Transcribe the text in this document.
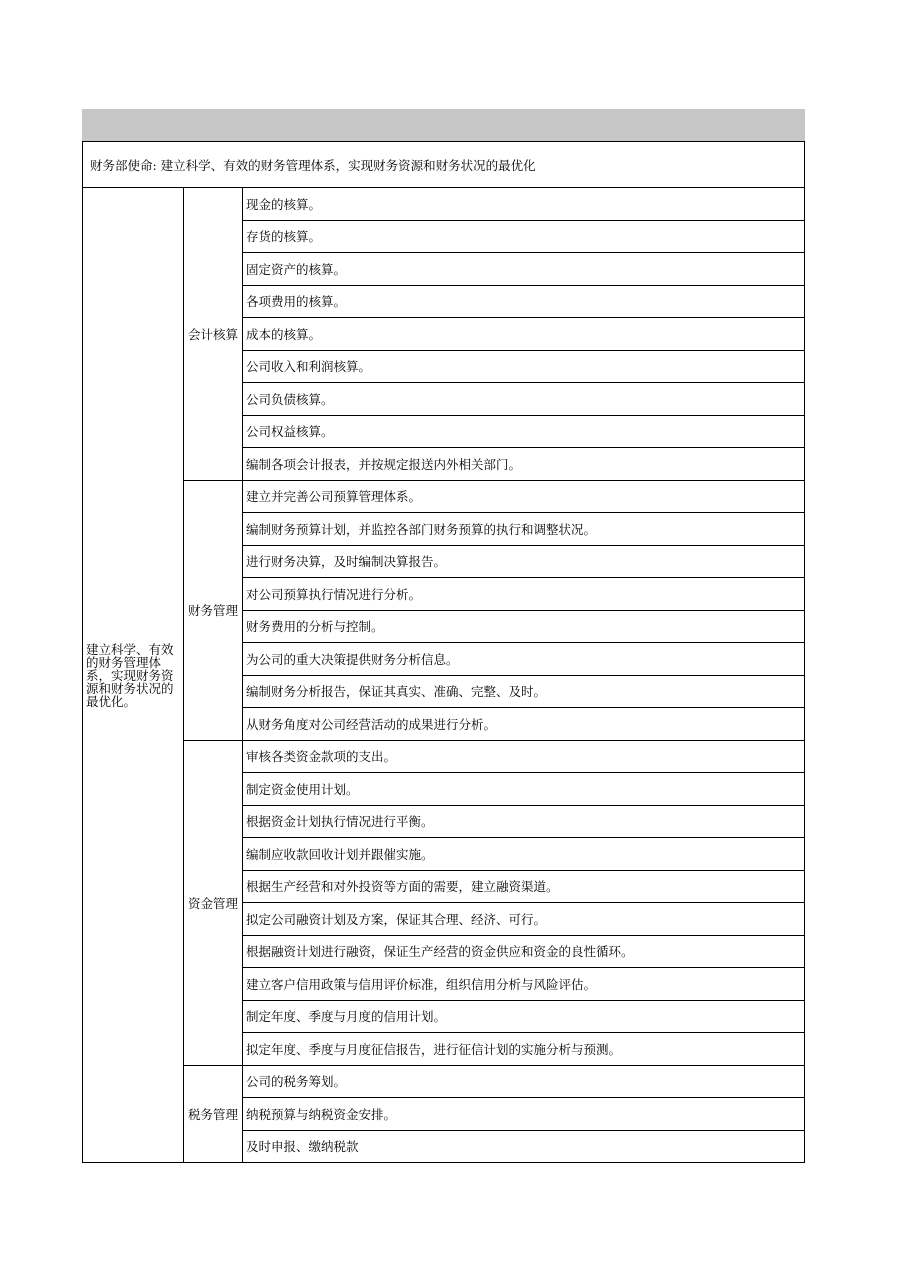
财务部使命: 建立科学、有效的财务管理体系，实现财务资源和财务状况的最优化
建立科学、有效的财务管理体系，实现财务资源和财务状况的最优化。	会计核算	现金的核算。
		存货的核算。
		固定资产的核算。
		各项费用的核算。
		成本的核算。
		公司收入和利润核算。
		公司负债核算。
		公司权益核算。
		编制各项会计报表，并按规定报送内外相关部门。
	财务管理	建立并完善公司预算管理体系。
		编制财务预算计划，并监控各部门财务预算的执行和调整状况。
		进行财务决算，及时编制决算报告。
		对公司预算执行情况进行分析。
		财务费用的分析与控制。
		为公司的重大决策提供财务分析信息。
		编制财务分析报告，保证其真实、准确、完整、及时。
		从财务角度对公司经营活动的成果进行分析。
	资金管理	审核各类资金款项的支出。
		制定资金使用计划。
		根据资金计划执行情况进行平衡。
		编制应收款回收计划并跟催实施。
		根据生产经营和对外投资等方面的需要，建立融资渠道。
		拟定公司融资计划及方案，保证其合理、经济、可行。
		根据融资计划进行融资，保证生产经营的资金供应和资金的良性循环。
		建立客户信用政策与信用评价标准，组织信用分析与风险评估。
		制定年度、季度与月度的信用计划。
		拟定年度、季度与月度征信报告，进行征信计划的实施分析与预测。
	税务管理	公司的税务筹划。
		纳税预算与纳税资金安排。
		及时申报、缴纳税款
